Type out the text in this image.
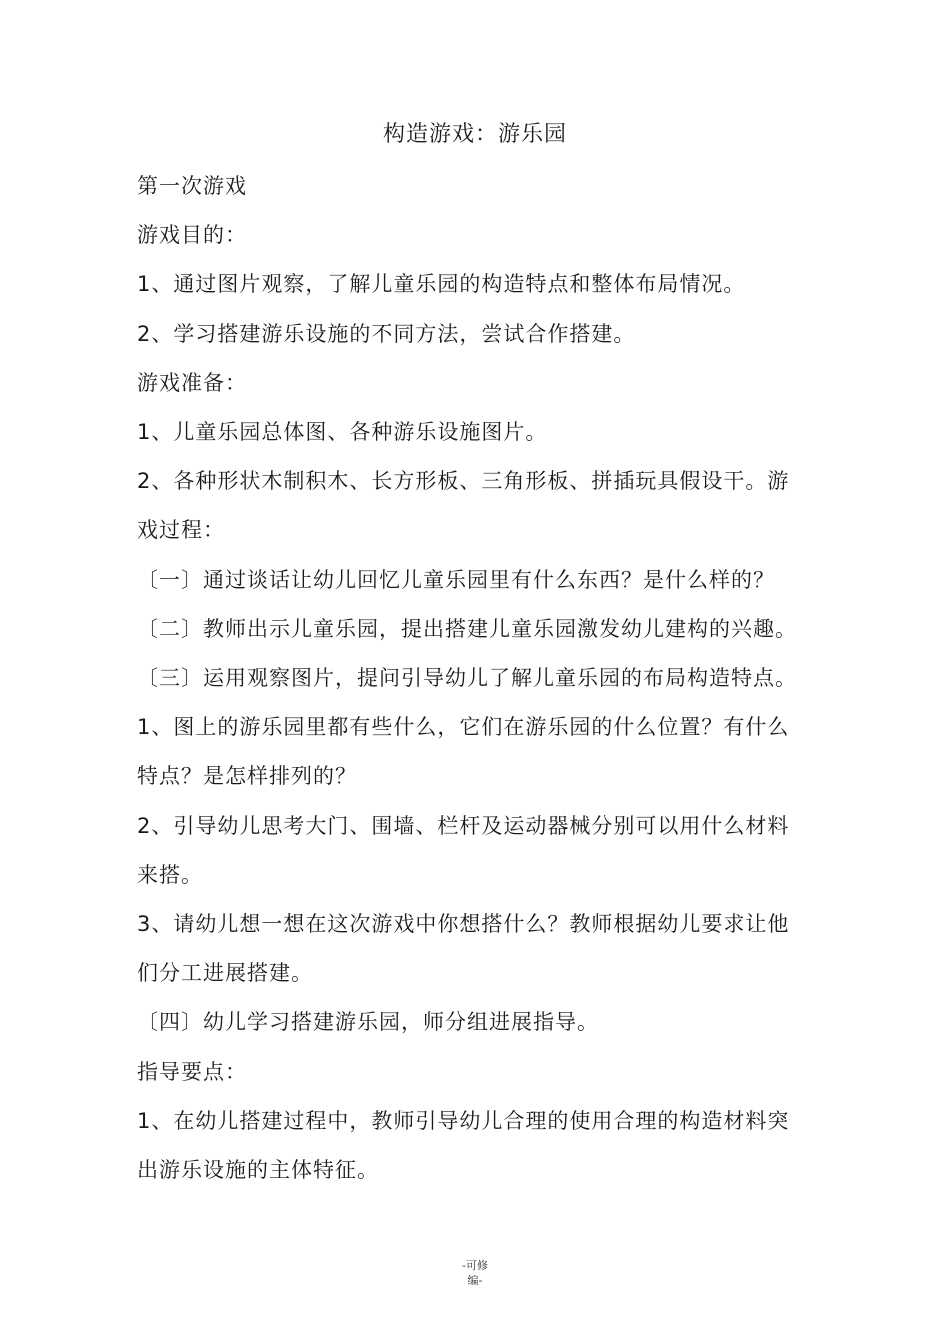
构造游戏：游乐园

第一次游戏

游戏目的：

1、通过图片观察，了解儿童乐园的构造特点和整体布局情况。

2、学习搭建游乐设施的不同方法，尝试合作搭建。

游戏准备：

1、儿童乐园总体图、各种游乐设施图片。

2、各种形状木制积木、长方形板、三角形板、拼插玩具假设干。游

戏过程：

〔一〕通过谈话让幼儿回忆儿童乐园里有什么东西？是什么样的？

〔二〕教师出示儿童乐园，提出搭建儿童乐园激发幼儿建构的兴趣。

〔三〕运用观察图片，提问引导幼儿了解儿童乐园的布局构造特点。

1、图上的游乐园里都有些什么，它们在游乐园的什么位置？有什么

特点？是怎样排列的？

2、引导幼儿思考大门、围墙、栏杆及运动器械分别可以用什么材料

来搭。

3、请幼儿想一想在这次游戏中你想搭什么？教师根据幼儿要求让他

们分工进展搭建。

〔四〕幼儿学习搭建游乐园，师分组进展指导。

指导要点：

1、在幼儿搭建过程中，教师引导幼儿合理的使用合理的构造材料突

出游乐设施的主体特征。

-可修
编-
